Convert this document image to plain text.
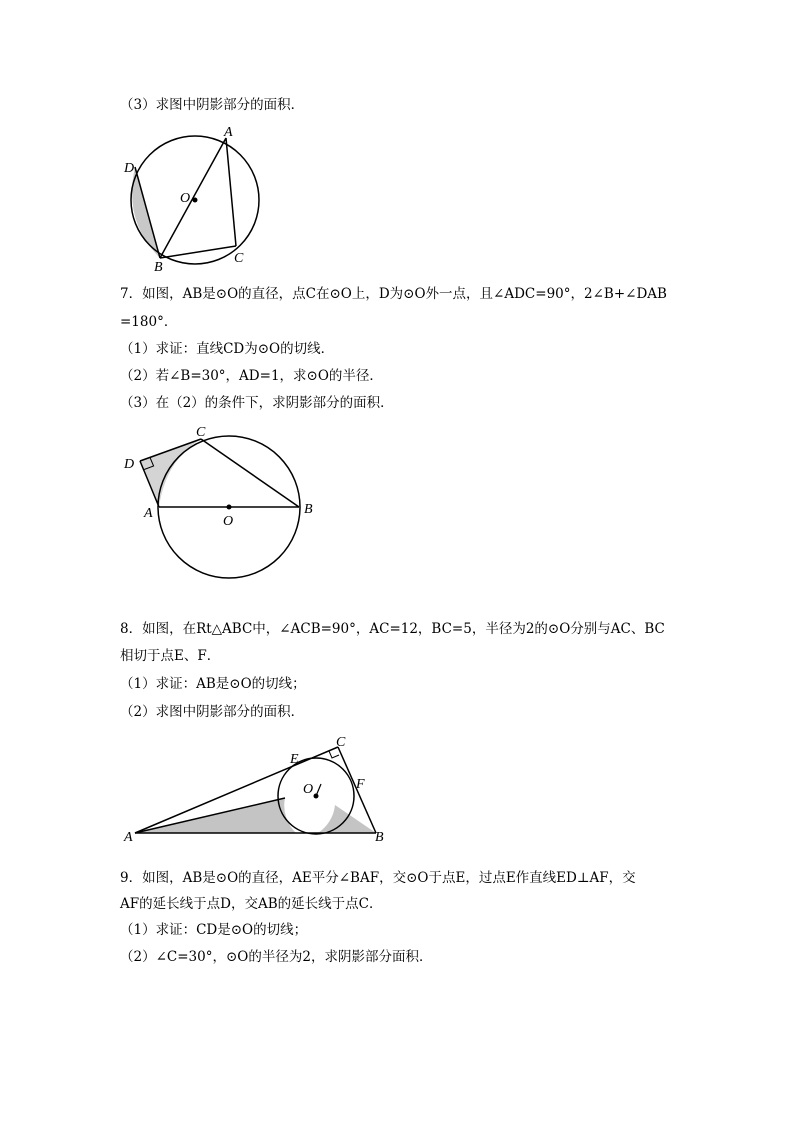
（3）求图中阴影部分的面积．
A
D
O
B
C
7．如图，AB是⊙O的直径，点C在⊙O上，D为⊙O外一点，且∠ADC=90°，2∠B+∠DAB
=180°．
（1）求证：直线CD为⊙O的切线．
（2）若∠B=30°，AD=1，求⊙O的半径．
（3）在（2）的条件下，求阴影部分的面积．
C
D
A
O
B
8．如图，在Rt△ABC中，∠ACB=90°，AC=12，BC=5，半径为2的⊙O分别与AC、BC
相切于点E、F．
（1）求证：AB是⊙O的切线；
（2）求图中阴影部分的面积．
C
E
O	F
A	B
9．如图，AB是⊙O的直径，AE平分∠BAF，交⊙O于点E，过点E作直线ED⊥AF，交
AF的延长线于点D，交AB的延长线于点C．
（1）求证：CD是⊙O的切线；
（2）∠C=30°，⊙O的半径为2，求阴影部分面积．
